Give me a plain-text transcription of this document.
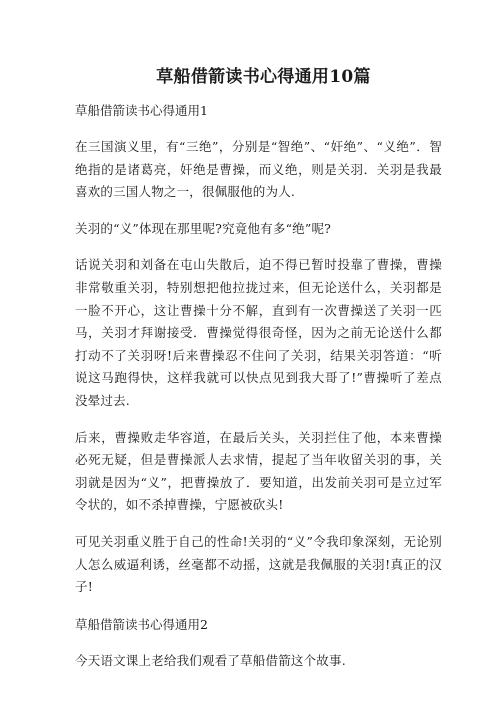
草船借箭读书心得通用10篇
草船借箭读书心得通用1

在三国演义里，有“三绝”，分别是“智绝”、“奸绝”、“义绝”．智绝指的是诸葛亮，奸绝是曹操，而义绝，则是关羽．关羽是我最喜欢的三国人物之一，很佩服他的为人.

关羽的“义”体现在那里呢?究竟他有多“绝”呢?

话说关羽和刘备在屯山失散后，迫不得已暂时投靠了曹操，曹操非常敬重关羽，特别想把他拉拢过来，但无论送什么，关羽都是一脸不开心，这让曹操十分不解，直到有一次曹操送了关羽一匹马，关羽才拜谢接受．曹操觉得很奇怪，因为之前无论送什么都打动不了关羽呀!后来曹操忍不住问了关羽，结果关羽答道：“听说这马跑得快，这样我就可以快点见到我大哥了!”曹操听了差点没晕过去.

后来，曹操败走华容道，在最后关头，关羽拦住了他，本来曹操必死无疑，但是曹操派人去求情，提起了当年收留关羽的事，关羽就是因为“义”，把曹操放了．要知道，出发前关羽可是立过军令状的，如不杀掉曹操，宁愿被砍头!

可见关羽重义胜于自己的性命!关羽的“义”令我印象深刻，无论别人怎么威逼利诱，丝毫都不动摇，这就是我佩服的关羽!真正的汉子!

草船借箭读书心得通用2

今天语文课上老给我们观看了草船借箭这个故事.
